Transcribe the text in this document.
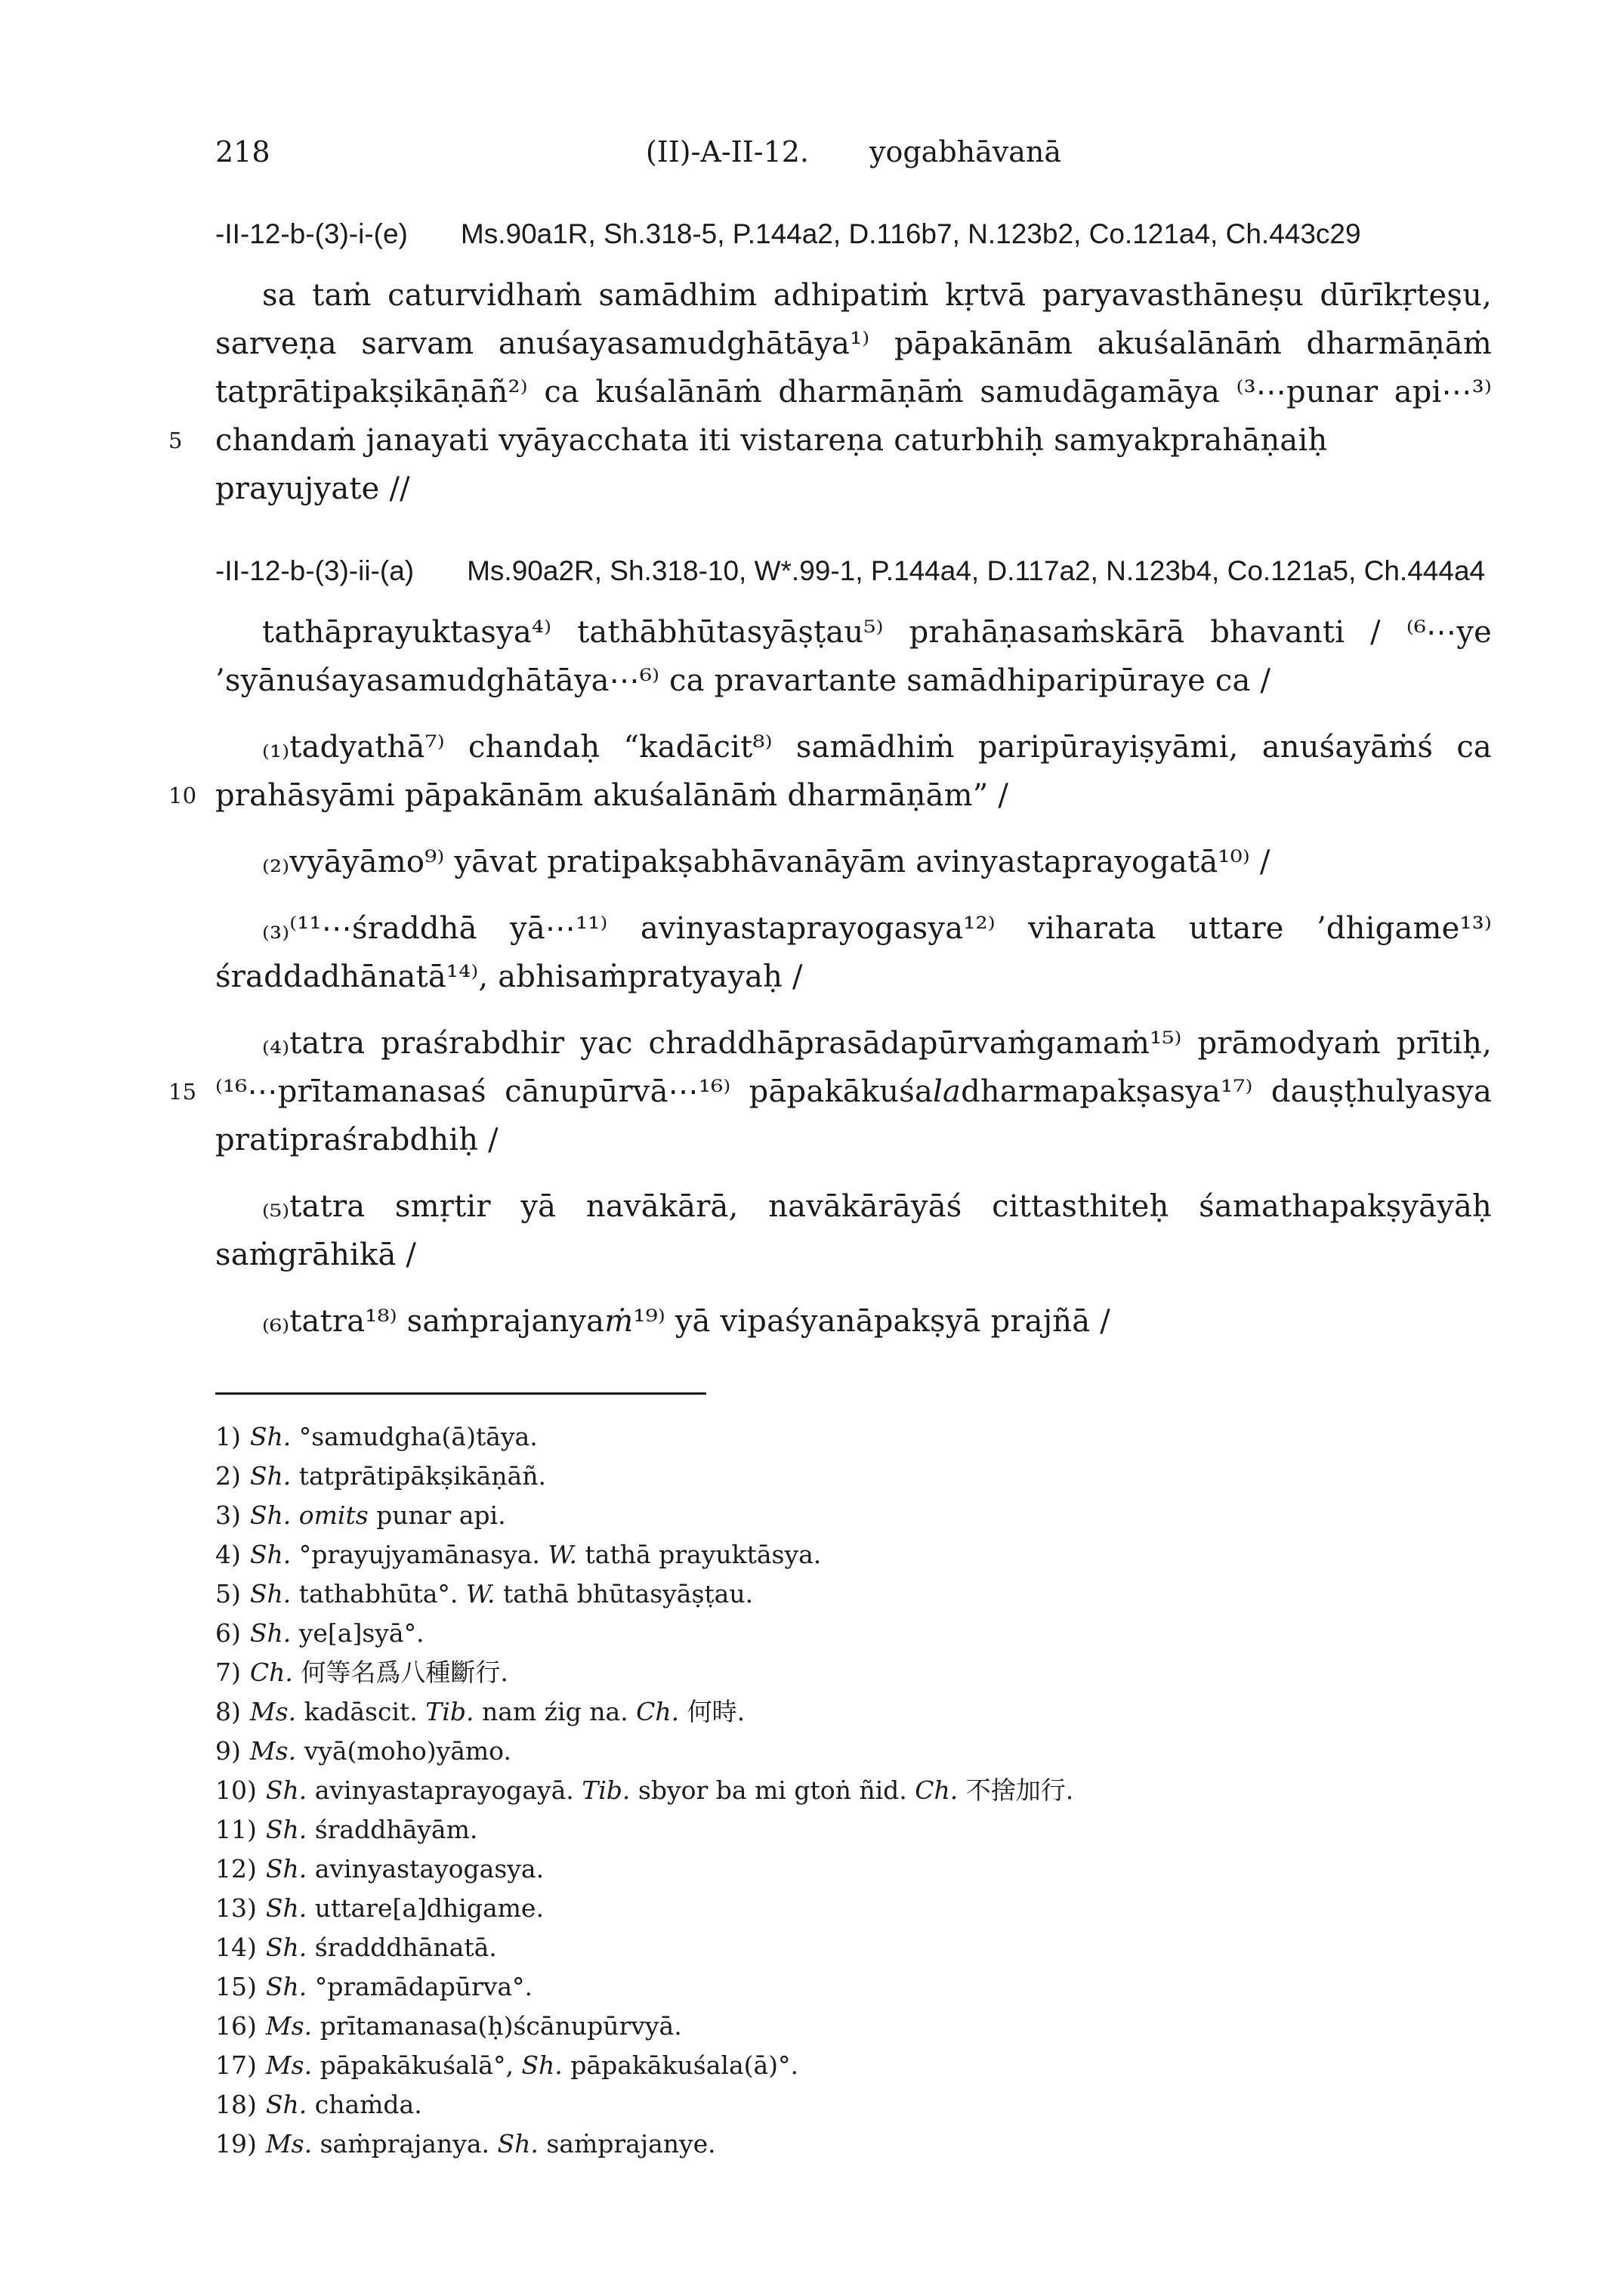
218	(II)-A-II-12. yogabhāvanā
-II-12-b-(3)-i-(e) Ms.90a1R, Sh.318-5, P.144a2, D.116b7, N.123b2, Co.121a4, Ch.443c29
sa taṁ caturvidhaṁ samādhim adhipatiṁ kṛtvā paryavasthāneṣu dūrīkṛteṣu,
sarveṇa sarvam anuśayasamudghātāya¹⁾ pāpakānām akuśalānāṁ dharmāṇāṁ
tatprātipakṣikāṇāñ²⁾ ca kuśalānāṁ dharmāṇāṁ samudāgamāya ⁽³⋯punar api⋯³⁾
5 chandaṁ janayati vyāyacchata iti vistareṇa caturbhiḥ samyakprahāṇaiḥ prayujyate //
-II-12-b-(3)-ii-(a) Ms.90a2R, Sh.318-10, W*.99-1, P.144a4, D.117a2, N.123b4, Co.121a5, Ch.444a4
tathāprayuktasya⁴⁾ tathābhūtasyāṣṭau⁵⁾ prahāṇasaṁskārā bhavanti / ⁽⁶⋯ye
’syānuśayasamudghātāya⋯⁶⁾ ca pravartante samādhiparipūraye ca /
₍₁₎tadyathā⁷⁾ chandaḥ “kadācit⁸⁾ samādhiṁ paripūrayiṣyāmi, anuśayāṁś ca
10 prahāsyāmi pāpakānām akuśalānāṁ dharmāṇām” /
₍₂₎vyāyāmo⁹⁾ yāvat pratipakṣabhāvanāyām avinyastaprayogatā¹⁰⁾ /
₍₃₎⁽¹¹⋯śraddhā yā⋯¹¹⁾ avinyastaprayogasya¹²⁾ viharata uttare ’dhigame¹³⁾
śraddadhānatā¹⁴⁾, abhisaṁpratyayaḥ /
₍₄₎tatra praśrabdhir yac chraddhāprasādapūrvaṁgamaṁ¹⁵⁾ prāmodyaṁ prītiḥ,
15 ⁽¹⁶⋯prītamanasaś cānupūrvā⋯¹⁶⁾ pāpakākuśaladharmapakṣasya¹⁷⁾ dauṣṭhulyasya
pratipraśrabdhiḥ /
₍₅₎tatra smṛtir yā navākārā, navākārāyāś cittasthiteḥ śamathapakṣyāyāḥ
saṁgrāhikā /
₍₆₎tatra¹⁸⁾ saṁprajanyaṁ¹⁹⁾ yā vipaśyanāpakṣyā prajñā /
1) Sh. °samudgha(ā)tāya.
2) Sh. tatprātipākṣikāṇāñ.
3) Sh. omits punar api.
4) Sh. °prayujyamānasya. W. tathā prayuktāsya.
5) Sh. tathabhūta°. W. tathā bhūtasyāṣṭau.
6) Sh. ye[a]syā°.
7) Ch. 何等名爲八種斷行.
8) Ms. kadāscit. Tib. nam źig na. Ch. 何時.
9) Ms. vyā(moho)yāmo.
10) Sh. avinyastaprayogayā. Tib. sbyor ba mi gtoṅ ñid. Ch. 不捨加行.
11) Sh. śraddhāyām.
12) Sh. avinyastayogasya.
13) Sh. uttare[a]dhigame.
14) Sh. śradddhānatā.
15) Sh. °pramādapūrva°.
16) Ms. prītamanasa(ḥ)ścānupūrvyā.
17) Ms. pāpakākuśalā°, Sh. pāpakākuśala(ā)°.
18) Sh. chaṁda.
19) Ms. saṁprajanya. Sh. saṁprajanye.
